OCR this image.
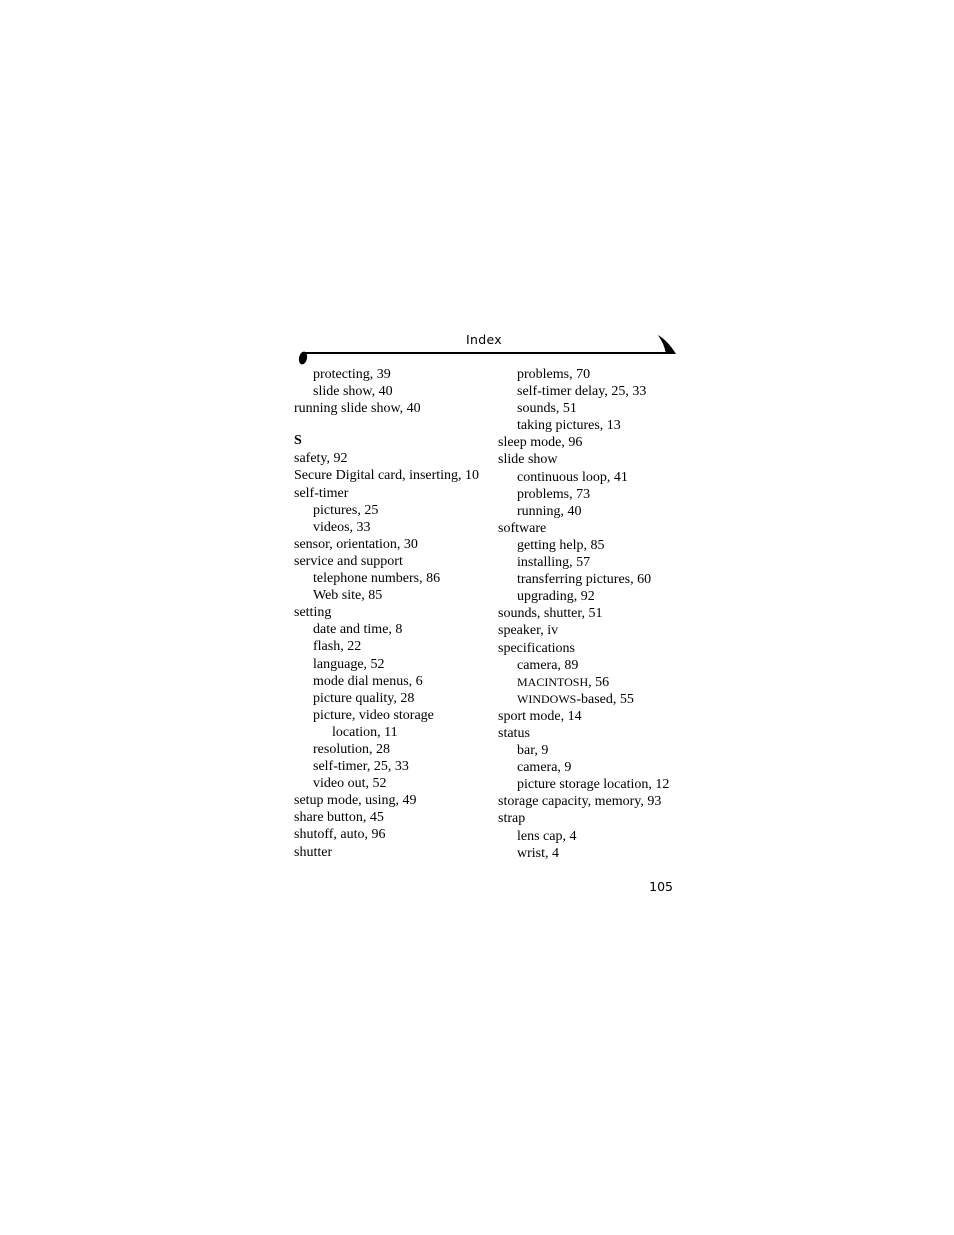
Index
protecting, 39
slide show, 40
running slide show, 40
S
safety, 92
Secure Digital card, inserting, 10
self-timer
pictures, 25
videos, 33
sensor, orientation, 30
service and support
telephone numbers, 86
Web site, 85
setting
date and time, 8
flash, 22
language, 52
mode dial menus, 6
picture quality, 28
picture, video storage
location, 11
resolution, 28
self-timer, 25, 33
video out, 52
setup mode, using, 49
share button, 45
shutoff, auto, 96
shutter
problems, 70
self-timer delay, 25, 33
sounds, 51
taking pictures, 13
sleep mode, 96
slide show
continuous loop, 41
problems, 73
running, 40
software
getting help, 85
installing, 57
transferring pictures, 60
upgrading, 92
sounds, shutter, 51
speaker, iv
specifications
camera, 89
MACINTOSH, 56
WINDOWS-based, 55
sport mode, 14
status
bar, 9
camera, 9
picture storage location, 12
storage capacity, memory, 93
strap
lens cap, 4
wrist, 4
105
